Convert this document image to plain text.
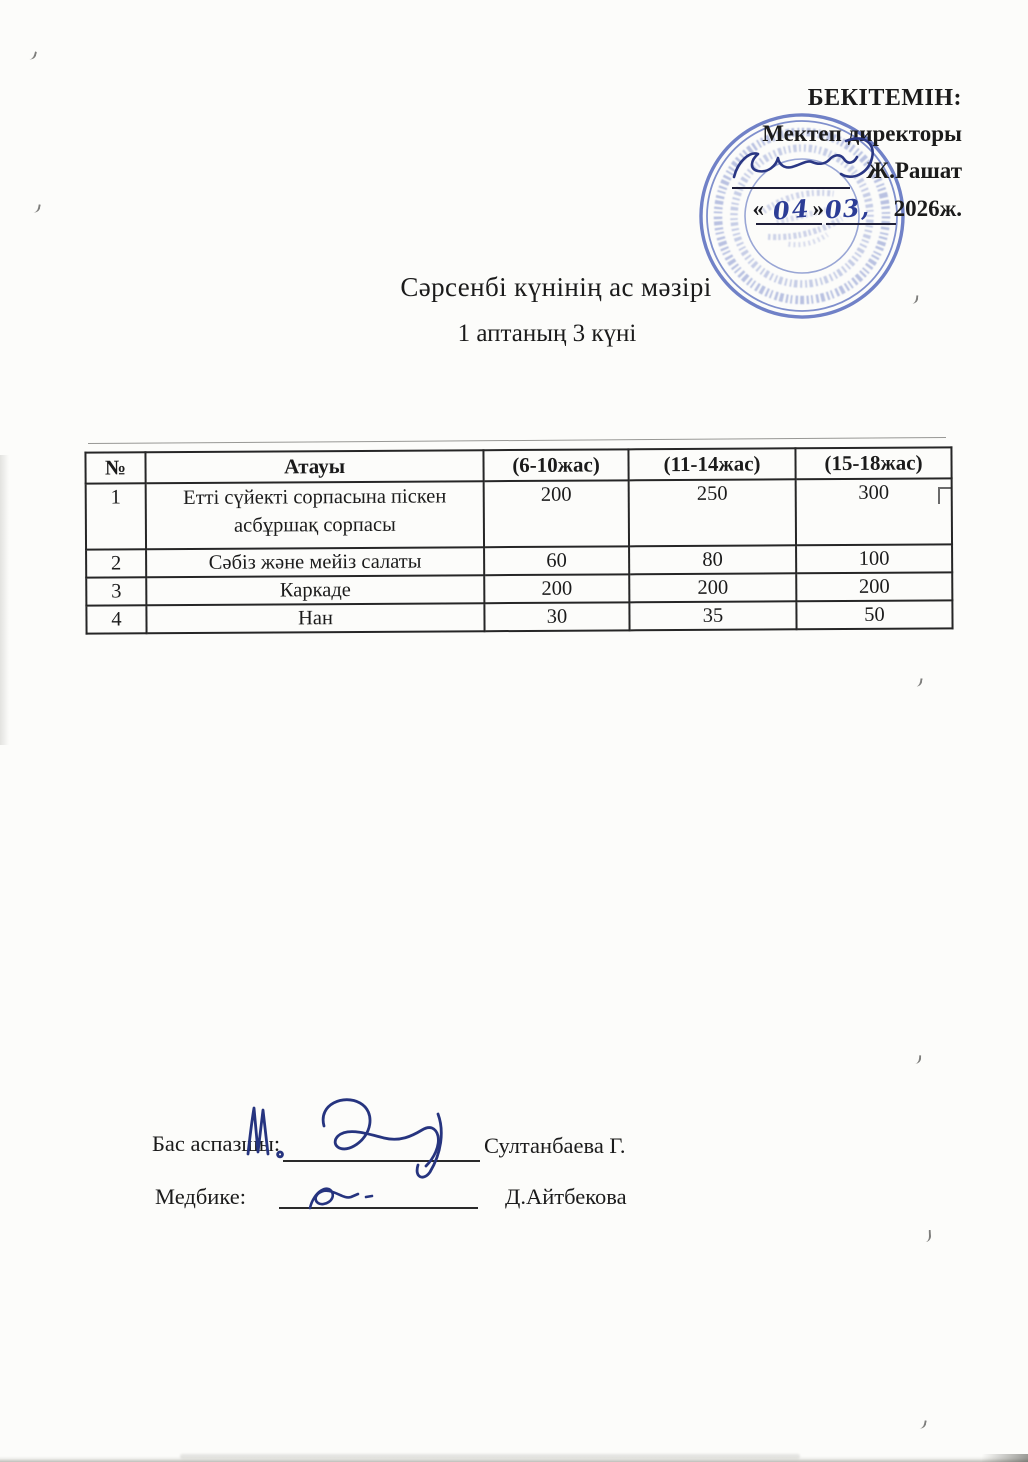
БЕКІТЕМІН:
Мектеп директоры
Ж.Рашат
« 04 » 03, 2026ж.
Сәрсенбі күнінің ас мәзірі
1 аптаның 3 күні
№	Атауы	(6-10жас)	(11-14жас)	(15-18жас)
1	Етті сүйекті сорпасына піскен асбұршақ сорпасы	200	250	300
2	Сәбіз және мейіз салаты	60	80	100
3	Каркаде	200	200	200
4	Нан	30	35	50
Бас аспазшы:	Султанбаева Г.
Медбике:	Д.Айтбекова
